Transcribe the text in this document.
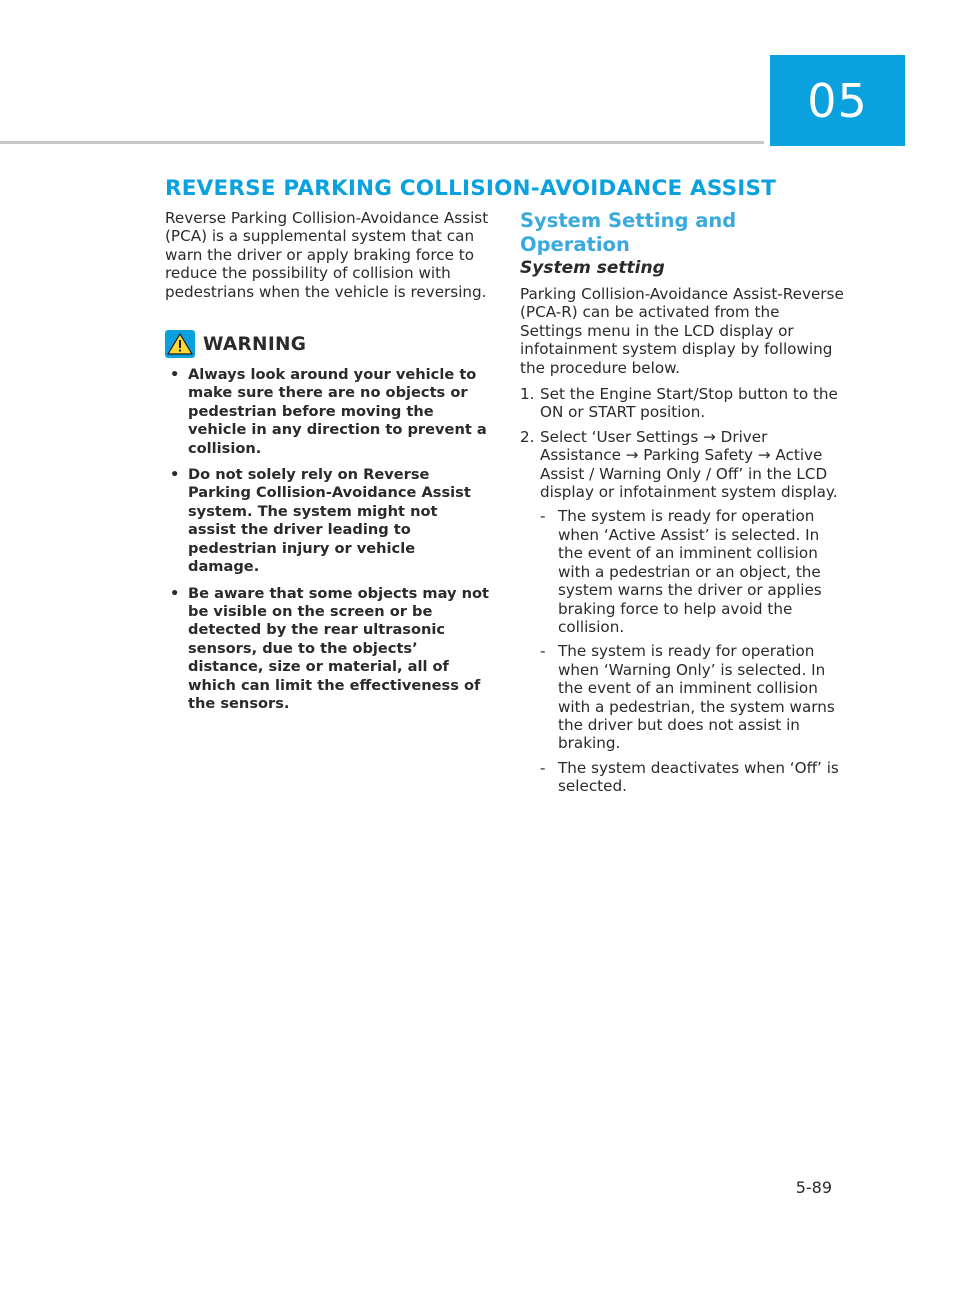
05
REVERSE PARKING COLLISION-AVOIDANCE ASSIST

Reverse Parking Collision-Avoidance Assist (PCA) is a supplemental system that can warn the driver or apply braking force to reduce the possibility of collision with pedestrians when the vehicle is reversing.

WARNING
• Always look around your vehicle to make sure there are no objects or pedestrian before moving the vehicle in any direction to prevent a collision.
• Do not solely rely on Reverse Parking Collision-Avoidance Assist system. The system might not assist the driver leading to pedestrian injury or vehicle damage.
• Be aware that some objects may not be visible on the screen or be detected by the rear ultrasonic sensors, due to the objects’ distance, size or material, all of which can limit the effectiveness of the sensors.
System Setting and Operation
System setting

Parking Collision-Avoidance Assist-Reverse (PCA-R) can be activated from the Settings menu in the LCD display or infotainment system display by following the procedure below.

1. Set the Engine Start/Stop button to the ON or START position.
2. Select ‘User Settings → Driver Assistance → Parking Safety → Active Assist / Warning Only / Off’ in the LCD display or infotainment system display.
- The system is ready for operation when ‘Active Assist’ is selected. In the event of an imminent collision with a pedestrian or an object, the system warns the driver or applies braking force to help avoid the collision.
- The system is ready for operation when ‘Warning Only’ is selected. In the event of an imminent collision with a pedestrian, the system warns the driver but does not assist in braking.
- The system deactivates when ‘Off’ is selected.
5-89
